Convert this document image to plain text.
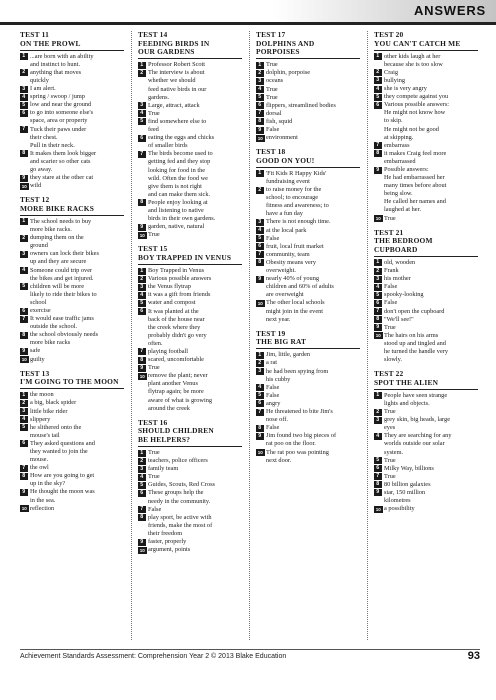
ANSWERS
TEST 11
ON THE PROWL
1 ...are born with an ability
and instinct to hunt.
2 anything that moves
quickly
3 I am alert.
4 spring / swoop / jump
5 low and near the ground
6 to go into someone else's
space, area or property
7 Tuck their paws under
their chest.
Pull in their neck.
8 It makes them look bigger
and scarier so other cats
go away.
9 they stare at the other cat
10 wild
TEST 12
MORE BIKE RACKS
1 The school needs to buy
more bike racks.
2 dumping them on the
ground
3 owners can lock their bikes
up and they are secure
4 Someone could trip over
the bikes and get injured.
5 children will be more
likely to ride their bikes to
school
6 exercise
7 It would ease traffic jams
outside the school.
8 the school obviously needs
more bike racks
9 safe
10 guilty
TEST 13
I'M GOING TO THE MOON
1 the moon
2 a big, black spider
3 little bike rider
4 slippery
5 he slithered onto the
mouse's tail
6 They asked questions and
they wanted to join the
mouse.
7 the owl
8 How are you going to get
up in the sky?
9 He thought the moon was
in the sea.
10 reflection
TEST 14
FEEDING BIRDS IN
OUR GARDENS
1 Professor Robert Scott
2 The interview is about
whether we should
feed native birds in our
gardens.
3 Large, attract, attack
4 True
5 find somewhere else to
feed
6 eating the eggs and chicks
of smaller birds
7 The birds become used to
getting fed and they stop
looking for food in the
wild. Often the food we
give them is not right
and can make them sick.
8 People enjoy looking at
and listening to native
birds in their own gardens.
9 garden, native, natural
10 True
TEST 15
BOY TRAPPED IN VENUS
1 Boy Trapped in Venus
2 Various possible answers
3 the Venus flytrap
4 it was a gift from friends
5 water and compost
6 It was planted at the
back of the house near
the creek where they
probably didn't go very
often.
7 playing football
8 scared, uncomfortable
9 True
10 remove the plant; never
plant another Venus
flytrap again; be more
aware of what is growing
around the creek
TEST 16
SHOULD CHILDREN
BE HELPERS?
1 True
2 teachers, police officers
3 family team
4 True
5 Guides, Scouts, Red Cross
6 These groups help the
needy in the community.
7 False
8 play sport, be active with
friends, make the most of
their freedom
9 faster, properly
10 argument, points
TEST 17
DOLPHINS AND PORPOISES
1 True
2 dolphin, porpoise
3 oceans
4 True
5 True
6 flippers, streamlined bodies
7 dorsal
8 fish, squid
9 False
10 environment
TEST 18
GOOD ON YOU!
1 'Fit Kids R Happy Kids'
fundraising event
2 to raise money for the
school; to encourage
fitness and awareness; to
have a fun day
3 There is not enough time.
4 at the local park
5 False
6 fruit, local fruit market
7 community, team
8 Obesity means very
overweight.
9 nearly 40% of young
children and 60% of adults
are overweight
10 The other local schools
might join in the event
next year.
TEST 19
THE BIG RAT
1 Jim, little, garden
2 a rat
3 he had been spying from
his cubby
4 False
5 False
6 angry
7 He threatened to bite Jim's
nose off.
8 False
9 Jim found two big pieces of
rat poo on the floor.
10 The rat poo was pointing
next door.
TEST 20
YOU CAN'T CATCH ME
1 other kids laugh at her
because she is too slow
2 Craig
3 bullying
4 she is very angry
5 they compete against you
6 Various possible answers:
He might not know how
to skip.
He might not be good
at skipping.
7 embarrass
8 it makes Craig feel more
embarrassed
9 Possible answers:
He had embarrassed her
many times before about
being slow.
He called her names and
laughed at her.
10 True
TEST 21
THE BEDROOM CUPBOARD
1 old, wooden
2 Frank
3 his mother
4 False
5 spooky-looking
6 False
7 don't open the cupboard
8 "We'll see!"
9 True
10 The hairs on his arms
stood up and tingled and
he turned the handle very
slowly.
TEST 22
SPOT THE ALIEN
1 People have seen strange
lights and objects.
2 True
3 grey skin, big heads, large
eyes
4 They are searching for any
worlds outside our solar
system.
5 True
6 Milky Way, billions
7 True
8 80 billion galaxies
9 star, 150 million
kilometres
10 a possibility
Achievement Standards Assessment: Comprehension Year 2 © 2013 Blake Education	93
